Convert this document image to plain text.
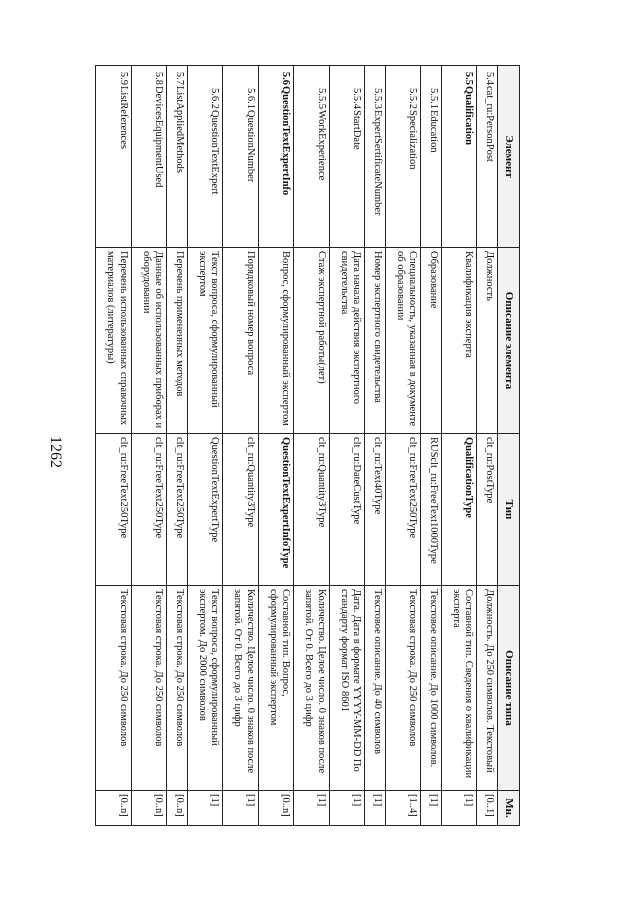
1262
Элемент	Описание элемента	Тип	Описание типа	Мн.
5.4cat_ru:PersonPost	Должность	clt_ru:PostType	Должность. До 250 символов. Текстовый	[0..1]
5.5Qualification	Квалификация эксперта	QualificationType	Составной тип. Сведения о квалификации эксперта	[1]
5.5.1Education	Образование	RUSclt_ru:FreeText1000Type	Текстовое описание. До 1000 символов.	[1]
5.5.2Specialization	Специальность, указанная в документе об образовании	clt_ru:FreeText250Type	Текстовая строка. До 250 символов	[1..4]
5.5.3ExpertSertificateNumber	Номер экспертного свидетельства	clt_ru:Text40Type	Текстовое описание. До 40 символов	[1]
5.5.4StartDate	Дата начала действия экспертного свидетельства	clt_ru:DateCustType	Дата. Дата в формате YYYY-MM-DD По стандарту формат ISO 8601	[1]
5.5.5WorkExperience	Стаж экспертной работы(лет)	clt_ru:Quantity3Type	Количество. Целое число. 0 знаков после запятой. От 0. Всего до 3 цифр	[1]
5.6QuestionTextExpertInfo	Вопрос, сформулированный экспертом	QuestionTextExpertInfoType	Составной тип. Вопрос, сформулированный экспертом	[0..n]
5.6.1QuestionNumber	Порядковый номер вопроса	clt_ru:Quantity3Type	Количество. Целое число. 0 знаков после запятой. От 0. Всего до 3 цифр	[1]
5.6.2QuestionTextExpert	Текст вопроса, сформулированный экспертом	QuestionTextExpertType	Текст вопроса, сформулированный экспертом. До 2000 символов	[1]
5.7ListAppliedMethods	Перечень примененных методов	clt_ru:FreeText250Type	Текстовая строка. До 250 символов	[0..n]
5.8DevicesEquipmentUsed	Данные об использованных приборах и оборудовании	clt_ru:FreeText250Type	Текстовая строка. До 250 символов	[0..n]
5.9ListReferences	Перечень использованных справочных материалов (литературы)	clt_ru:FreeText250Type	Текстовая строка. До 250 символов	[0..n]
